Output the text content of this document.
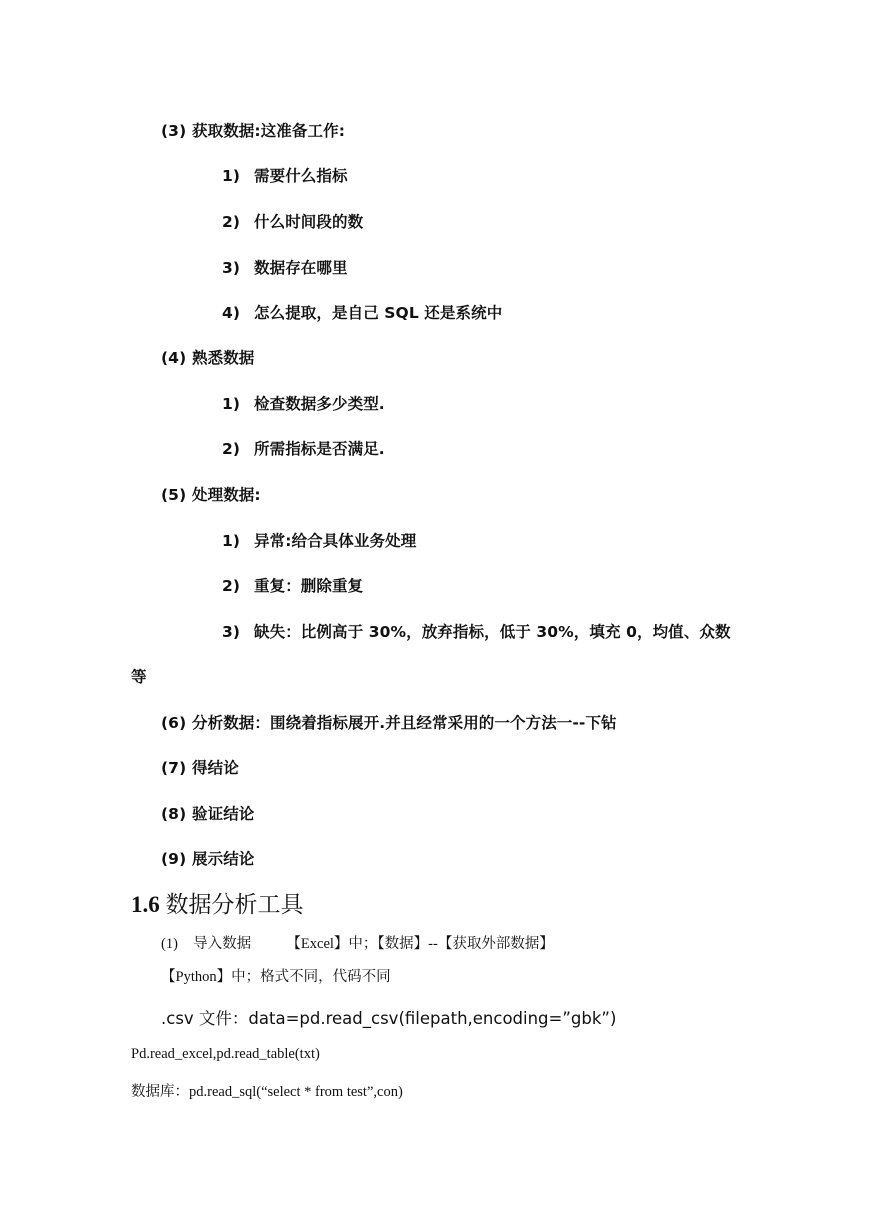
(3) 获取数据:这准备工作:
1) 需要什么指标
2) 什么时间段的数
3) 数据存在哪里
4) 怎么提取，是自己 SQL 还是系统中
(4) 熟悉数据
1) 检查数据多少类型.
2) 所需指标是否满足.
(5) 处理数据:
1) 异常:给合具体业务处理
2) 重复：删除重复
3) 缺失：比例高于 30%，放弃指标，低于 30%，填充 0，均值、众数
等
(6) 分析数据：围绕着指标展开.并且经常采用的一个方法一--下钻
(7) 得结论
(8) 验证结论
(9) 展示结论
1.6 数据分析工具
(1) 导入数据 【Excel】中；【数据】--【获取外部数据】
【Python】中；格式不同，代码不同
.csv 文件：data=pd.read_csv(filepath,encoding=”gbk”)
Pd.read_excel,pd.read_table(txt)
数据库：pd.read_sql(“select * from test”,con)
